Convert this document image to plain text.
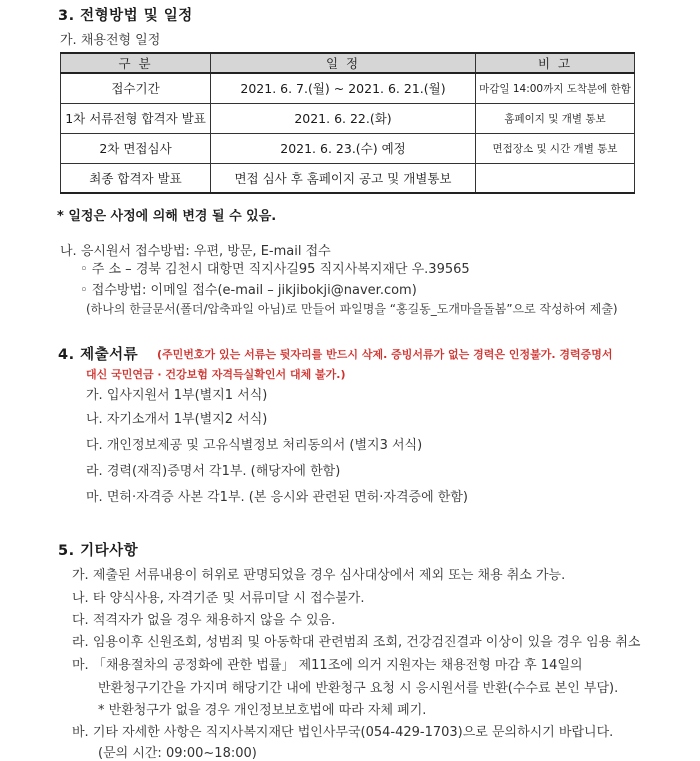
3. 전형방법 및 일정
가. 채용전형 일정
구 분	일 정	비 고
접수기간	2021. 6. 7.(월) ~ 2021. 6. 21.(월)	마감일 14:00까지 도착분에 한함
1차 서류전형 합격자 발표	2021. 6. 22.(화)	홈페이지 및 개별 통보
2차 면접심사	2021. 6. 23.(수) 예정	면접장소 및 시간 개별 통보
최종 합격자 발표	면접 심사 후 홈페이지 공고 및 개별통보	
* 일정은 사정에 의해 변경 될 수 있음.
나. 응시원서 접수방법: 우편, 방문, E-mail 접수
◦ 주 소 – 경북 김천시 대항면 직지사길95 직지사복지재단 우.39565
◦ 접수방법: 이메일 접수(e-mail – jikjibokji@naver.com)
(하나의 한글문서(폴더/압축파일 아님)로 만들어 파일명을 “홍길동_도개마을돌봄”으로 작성하여 제출)
4. 제출서류 (주민번호가 있는 서류는 뒷자리를 반드시 삭제. 증빙서류가 없는 경력은 인정불가. 경력증명서
대신 국민연금 · 건강보험 자격득실확인서 대체 불가.)
가. 입사지원서 1부(별지1 서식)
나. 자기소개서 1부(별지2 서식)
다. 개인정보제공 및 고유식별정보 처리동의서 (별지3 서식)
라. 경력(재직)증명서 각1부. (해당자에 한함)
마. 면허·자격증 사본 각1부. (본 응시와 관련된 면허·자격증에 한함)
5. 기타사항
가. 제출된 서류내용이 허위로 판명되었을 경우 심사대상에서 제외 또는 채용 취소 가능.
나. 타 양식사용, 자격기준 및 서류미달 시 접수불가.
다. 적격자가 없을 경우 채용하지 않을 수 있음.
라. 임용이후 신원조회, 성범죄 및 아동학대 관련범죄 조회, 건강검진결과 이상이 있을 경우 임용 취소
마. 「채용절차의 공정화에 관한 법률」 제11조에 의거 지원자는 채용전형 마감 후 14일의
반환청구기간을 가지며 해당기간 내에 반환청구 요청 시 응시원서를 반환(수수료 본인 부담).
* 반환청구가 없을 경우 개인정보보호법에 따라 자체 폐기.
바. 기타 자세한 사항은 직지사복지재단 법인사무국(054-429-1703)으로 문의하시기 바랍니다.
(문의 시간: 09:00~18:00)
